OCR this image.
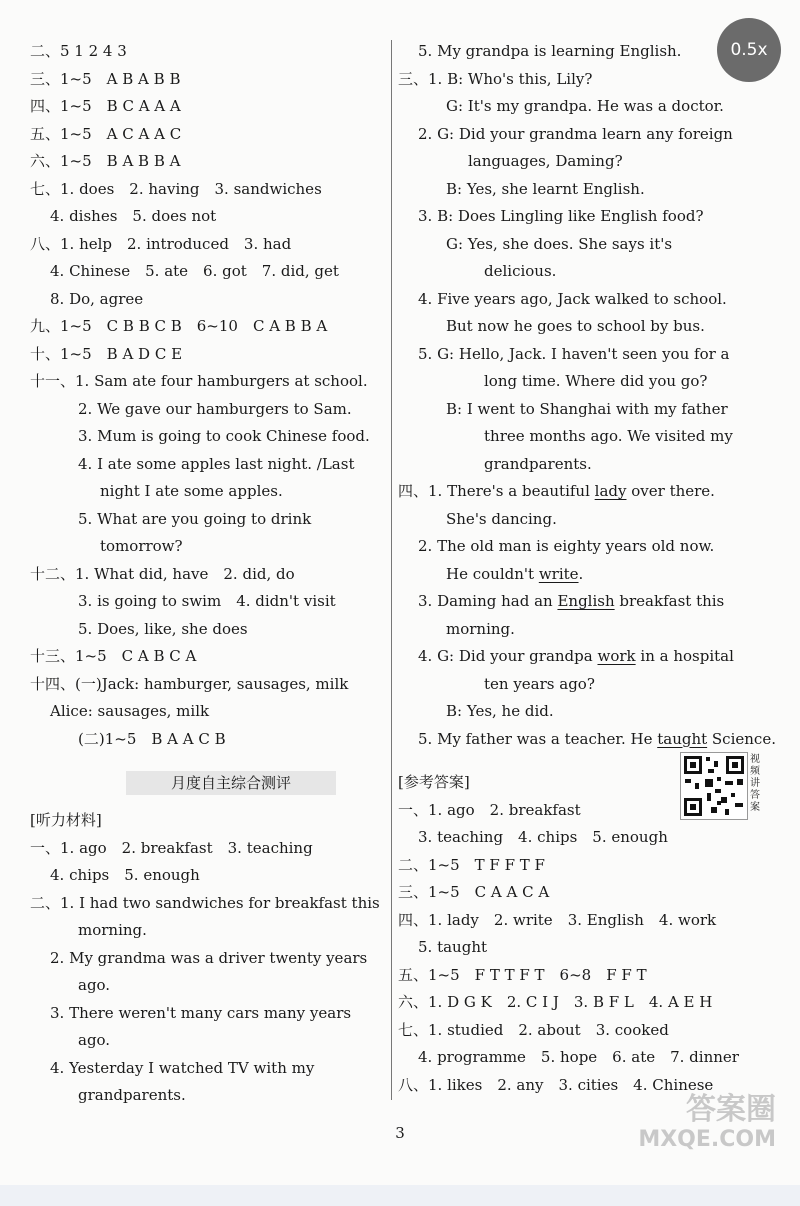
二、5 1 2 4 3
三、1~5　A B A B B
四、1~5　B C A A A
五、1~5　A C A A C
六、1~5　B A B B A
七、1. does　2. having　3. sandwiches
4. dishes　5. does not
八、1. help　2. introduced　3. had
4. Chinese　5. ate　6. got　7. did, get
8. Do, agree
九、1~5　C B B C B　6~10　C A B B A
十、1~5　B A D C E
十一、1. Sam ate four hamburgers at school.
2. We gave our hamburgers to Sam.
3. Mum is going to cook Chinese food.
4. I ate some apples last night. /Last
night I ate some apples.
5. What are you going to drink
tomorrow?
十二、1. What did, have　2. did, do
3. is going to swim　4. didn't visit
5. Does, like, she does
十三、1~5　C A B C A
十四、(一)Jack: hamburger, sausages, milk
Alice: sausages, milk
(二)1~5　B A A C B
月度自主综合测评
[听力材料]
一、1. ago　2. breakfast　3. teaching
4. chips　5. enough
二、1. I had two sandwiches for breakfast this
morning.
2. My grandma was a driver twenty years
ago.
3. There weren't many cars many years
ago.
4. Yesterday I watched TV with my
grandparents.
5. My grandpa is learning English.
三、1. B: Who's this, Lily?
G: It's my grandpa. He was a doctor.
2. G: Did your grandma learn any foreign
languages, Daming?
B: Yes, she learnt English.
3. B: Does Lingling like English food?
G: Yes, she does. She says it's
delicious.
4. Five years ago, Jack walked to school.
But now he goes to school by bus.
5. G: Hello, Jack. I haven't seen you for a
long time. Where did you go?
B: I went to Shanghai with my father
three months ago. We visited my
grandparents.
四、1. There's a beautiful lady over there.
She's dancing.
2. The old man is eighty years old now.
He couldn't write.
3. Daming had an English breakfast this
morning.
4. G: Did your grandpa work in a hospital
ten years ago?
B: Yes, he did.
5. My father was a teacher. He taught Science.
[参考答案]
一、1. ago　2. breakfast
3. teaching　4. chips　5. enough
二、1~5　T F F T F
三、1~5　C A A C A
四、1. lady　2. write　3. English　4. work
5. taught
五、1~5　F T T F T　6~8　F F T
六、1. D G K　2. C I J　3. B F L　4. A E H
七、1. studied　2. about　3. cooked
4. programme　5. hope　6. ate　7. dinner
八、1. likes　2. any　3. cities　4. Chinese
视频讲答案
0.5x
3
答案圈
MXQE.COM
